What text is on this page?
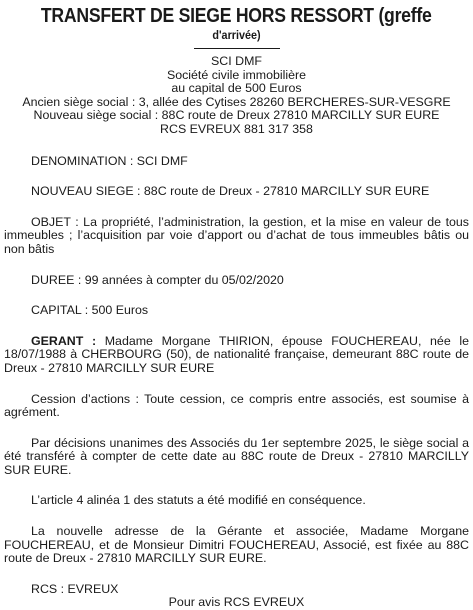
TRANSFERT DE SIEGE HORS RESSORT (greffe
d'arrivée)
SCI DMF
Société civile immobilière
au capital de 500 Euros
Ancien siège social : 3, allée des Cytises 28260 BERCHERES-SUR-VESGRE
Nouveau siège social : 88C route de Dreux 27810 MARCILLY SUR EURE
RCS EVREUX 881 317 358

DENOMINATION : SCI DMF

NOUVEAU SIEGE : 88C route de Dreux - 27810 MARCILLY SUR EURE

OBJET : La propriété, l’administration, la gestion, et la mise en valeur de tous immeubles ; l’acquisition par voie d’apport ou d’achat de tous immeubles bâtis ou non bâtis

DUREE : 99 années à compter du 05/02/2020

CAPITAL : 500 Euros

GERANT : Madame Morgane THIRION, épouse FOUCHEREAU, née le 18/07/1988 à CHERBOURG (50), de nationalité française, demeurant 88C route de Dreux - 27810 MARCILLY SUR EURE

Cession d’actions : Toute cession, ce compris entre associés, est soumise à agrément.

Par décisions unanimes des Associés du 1er septembre 2025, le siège social a été transféré à compter de cette date au 88C route de Dreux - 27810 MARCILLY SUR EURE.

L’article 4 alinéa 1 des statuts a été modifié en conséquence.

La nouvelle adresse de la Gérante et associée, Madame Morgane FOUCHEREAU, et de Monsieur Dimitri FOUCHEREAU, Associé, est fixée au 88C route de Dreux - 27810 MARCILLY SUR EURE.

RCS : EVREUX

Pour avis RCS EVREUX
